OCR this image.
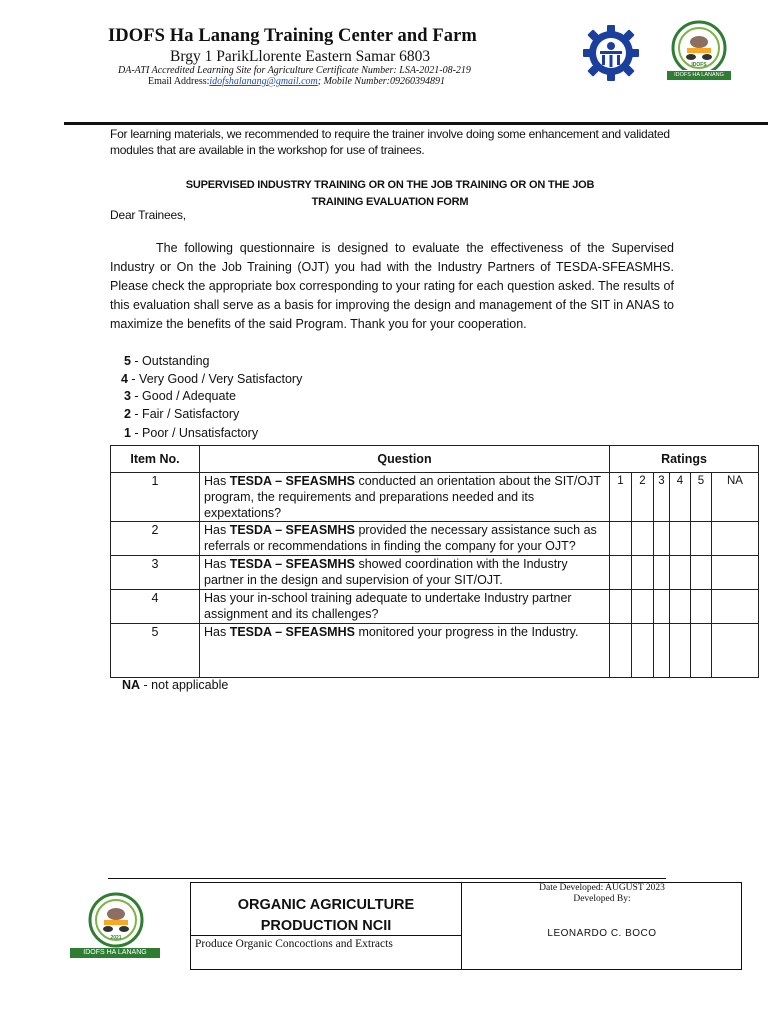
IDOFS Ha Lanang Training Center and Farm
Brgy 1 ParikLlorente Eastern Samar 6803
DA-ATI Accredited Learning Site for Agriculture Certificate Number: LSA-2021-08-219
Email Address:idofshalanang@gmail.com; Mobile Number:09260394891
IDOFS
IDOFS HA LANANG
For learning materials, we recommended to require the trainer involve doing some enhancement and validated modules that are available in the workshop for use of trainees.
SUPERVISED INDUSTRY TRAINING OR ON THE JOB TRAINING OR ON THE JOB
TRAINING EVALUATION FORM
Dear Trainees,
The following questionnaire is designed to evaluate the effectiveness of the Supervised Industry or On the Job Training (OJT) you had with the Industry Partners of TESDA-SFEASMHS. Please check the appropriate box corresponding to your rating for each question asked. The results of this evaluation shall serve as a basis for improving the design and management of the SIT in ANAS to maximize the benefits of the said Program. Thank you for your cooperation.
5 - Outstanding
4 - Very Good / Very Satisfactory
3 - Good / Adequate
2 - Fair / Satisfactory
1 - Poor / Unsatisfactory
Item No.	Question	Ratings					
1	Has TESDA – SFEASMHS conducted an orientation about the SIT/OJT program, the requirements and preparations needed and its expextations?	1	2	3	4	5	NA
2	Has TESDA – SFEASMHS provided the necessary assistance such as referrals or recommendations in finding the company for your OJT?						
3	Has TESDA – SFEASMHS showed coordination with the Industry partner in the design and supervision of your SIT/OJT.						
4	Has your in-school training adequate to undertake Industry partner assignment and its challenges?						
5	Has TESDA – SFEASMHS monitored your progress in the Industry.						
NA - not applicable
2021
IDOFS HA LANANG
ORGANIC AGRICULTURE
PRODUCTION NCII
Produce Organic Concoctions and Extracts
Date Developed: AUGUST 2023
Developed By:
LEONARDO C. BOCO
